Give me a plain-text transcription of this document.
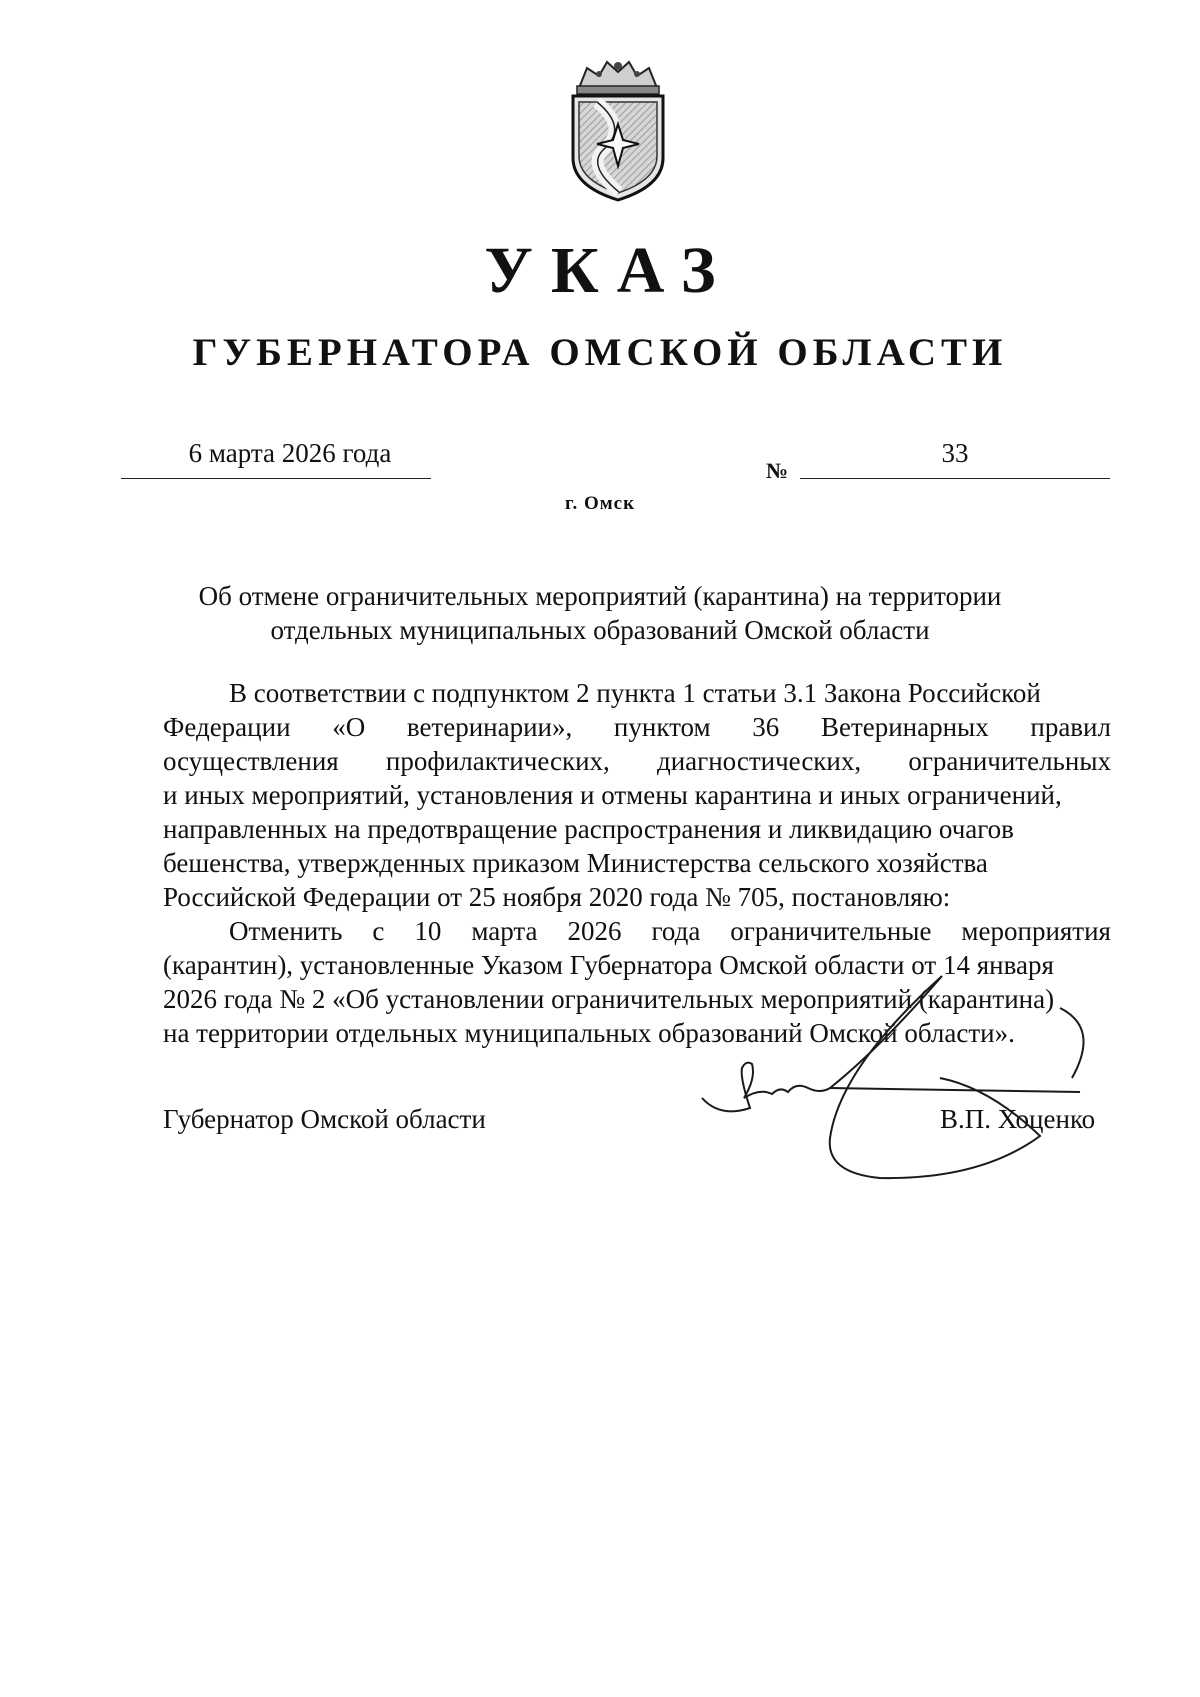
УКАЗ
ГУБЕРНАТОРА ОМСКОЙ ОБЛАСТИ
6 марта 2026 года
№
33
г. Омск
Об отмене ограничительных мероприятий (карантина) на территории
отдельных муниципальных образований Омской области
В соответствии с подпунктом 2 пункта 1 статьи 3.1 Закона Российской
Федерации «О ветеринарии», пунктом 36 Ветеринарных правил
осуществления профилактических, диагностических, ограничительных
и иных мероприятий, установления и отмены карантина и иных ограничений,
направленных на предотвращение распространения и ликвидацию очагов
бешенства, утвержденных приказом Министерства сельского хозяйства
Российской Федерации от 25 ноября 2020 года № 705, постановляю:
Отменить с 10 марта 2026 года ограничительные мероприятия
(карантин), установленные Указом Губернатора Омской области от 14 января
2026 года № 2 «Об установлении ограничительных мероприятий (карантина)
на территории отдельных муниципальных образований Омской области».
Губернатор Омской области	В.П. Хоценко
